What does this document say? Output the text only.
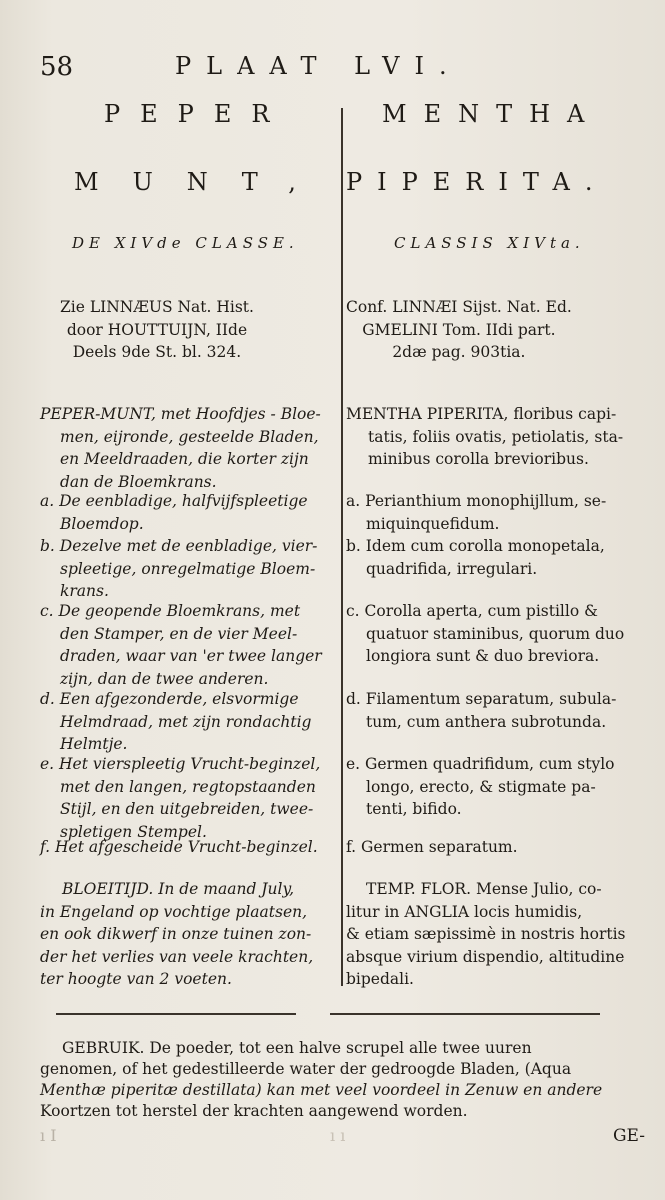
58	PLAAT LVI.
PEPER
MUNT,
MENTHA
PIPERITA.
DE XIVde CLASSE.	CLASSIS XIVta.
Zie LINNÆUS Nat. Hist.
door HOUTTUIJN, IIde
Deels 9de St. bl. 324.
PEPER-MUNT, met Hoofdjes - Bloe-
men, eijronde, gesteelde Bladen,
en Meeldraaden, die korter zijn
dan de Bloemkrans.
a. De eenbladige, halfvijfspleetige
Bloemdop.
b. Dezelve met de eenbladige, vier-
spleetige, onregelmatige Bloem-
krans.
c. De geopende Bloemkrans, met
den Stamper, en de vier Meel-
draden, waar van 'er twee langer
zijn, dan de twee anderen.
d. Een afgezonderde, elsvormige
Helmdraad, met zijn rondachtig
Helmtje.
e. Het vierspleetig Vrucht-beginzel,
met den langen, regtopstaanden
Stijl, en den uitgebreiden, twee-
spletigen Stempel.
f. Het afgescheide Vrucht-beginzel.
BLOEITIJD. In de maand July,
in Engeland op vochtige plaatsen,
en ook dikwerf in onze tuinen zon-
der het verlies van veele krachten,
ter hoogte van 2 voeten.
Conf. LINNÆI Sijst. Nat. Ed.
GMELINI Tom. IIdi part.
2dæ pag. 903tia.
MENTHA PIPERITA, floribus capi-
tatis, foliis ovatis, petiolatis, sta-
minibus corolla brevioribus.
a. Perianthium monophijllum, se-
miquinquefidum.
b. Idem cum corolla monopetala,
quadrifida, irregulari.
c. Corolla aperta, cum pistillo &
quatuor staminibus, quorum duo
longiora sunt & duo breviora.
d. Filamentum separatum, subula-
tum, cum anthera subrotunda.
e. Germen quadrifidum, cum stylo
longo, erecto, & stigmate pa-
tenti, bifido.
f. Germen separatum.
TEMP. FLOR. Mense Julio, co-
litur in ANGLIA locis humidis,
& etiam sæpissimè in nostris hortis
absque virium dispendio, altitudine
bipedali.
GEBRUIK. De poeder, tot een halve scrupel alle twee uuren
genomen, of het gedestilleerde water der gedroogde Bladen, (Aqua
Menthæ piperitæ destillata) kan met veel voordeel in Zenuw en andere
Koortzen tot herstel der krachten aangewend worden.
ı I	ı ı	GE-
